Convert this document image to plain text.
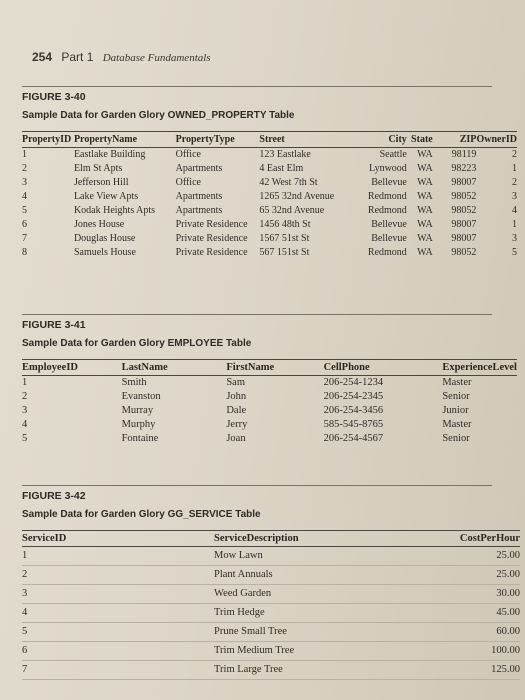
254 Part 1 Database Fundamentals
FIGURE 3-40
Sample Data for Garden Glory OWNED_PROPERTY Table
PropertyID	PropertyName	PropertyType	Street	City	State	ZIP	OwnerID
1	Eastlake Building	Office	123 Eastlake	Seattle	WA	98119	2
2	Elm St Apts	Apartments	4 East Elm	Lynwood	WA	98223	1
3	Jefferson Hill	Office	42 West 7th St	Bellevue	WA	98007	2
4	Lake View Apts	Apartments	1265 32nd Avenue	Redmond	WA	98052	3
5	Kodak Heights Apts	Apartments	65 32nd Avenue	Redmond	WA	98052	4
6	Jones House	Private Residence	1456 48th St	Bellevue	WA	98007	1
7	Douglas House	Private Residence	1567 51st St	Bellevue	WA	98007	3
8	Samuels House	Private Residence	567 151st St	Redmond	WA	98052	5
FIGURE 3-41
Sample Data for Garden Glory EMPLOYEE Table
EmployeeID	LastName	FirstName	CellPhone	ExperienceLevel
1	Smith	Sam	206-254-1234	Master
2	Evanston	John	206-254-2345	Senior
3	Murray	Dale	206-254-3456	Junior
4	Murphy	Jerry	585-545-8765	Master
5	Fontaine	Joan	206-254-4567	Senior
FIGURE 3-42
Sample Data for Garden Glory GG_SERVICE Table
ServiceID	ServiceDescription	CostPerHour
1	Mow Lawn	25.00
2	Plant Annuals	25.00
3	Weed Garden	30.00
4	Trim Hedge	45.00
5	Prune Small Tree	60.00
6	Trim Medium Tree	100.00
7	Trim Large Tree	125.00
